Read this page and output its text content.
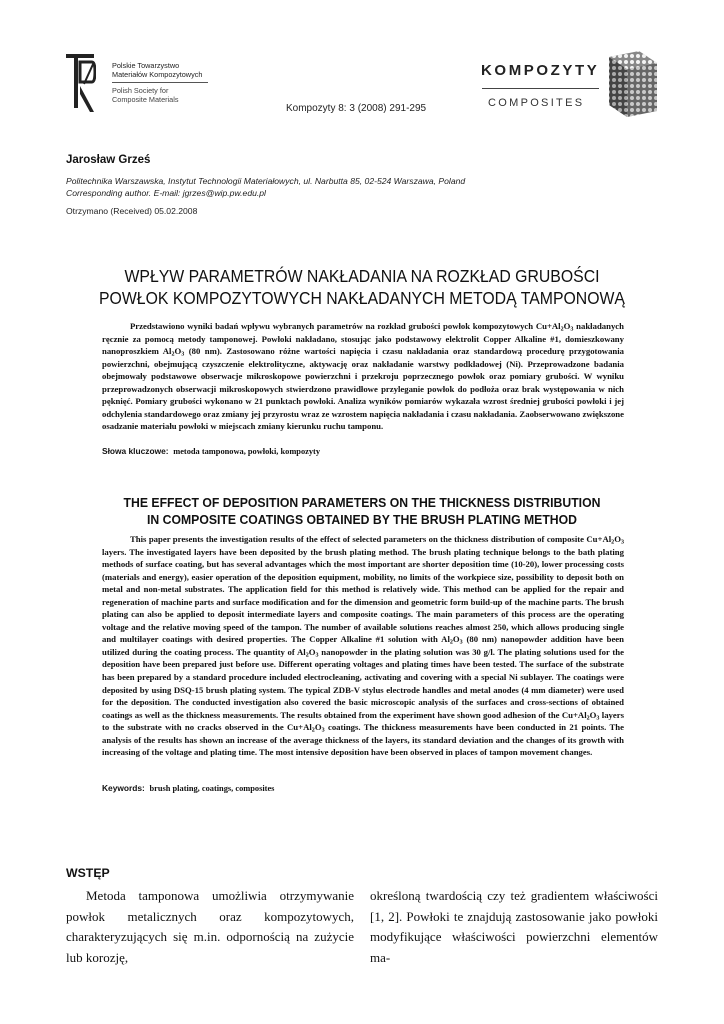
Polskie Towarzystwo
Materiałów Kompozytowych
Polish Society for
Composite Materials
Kompozyty 8: 3 (2008) 291-295
KOMPOZYTY
COMPOSITES
Jarosław Grześ
Politechnika Warszawska, Instytut Technologii Materiałowych, ul. Narbutta 85, 02-524 Warszawa, Poland
Corresponding author. E-mail: jgrzes@wip.pw.edu.pl
Otrzymano (Received) 05.02.2008
WPŁYW PARAMETRÓW NAKŁADANIA NA ROZKŁAD GRUBOŚCI
POWŁOK KOMPOZYTOWYCH NAKŁADANYCH METODĄ TAMPONOWĄ
Przedstawiono wyniki badań wpływu wybranych parametrów na rozkład grubości powłok kompozytowych $Cu+Al_2O_3$ nakładanych ręcznie za pomocą metody tamponowej. Powłoki nakładano, stosując jako podstawowy elektrolit Copper Alkaline #1, domieszkowany nanoproszkiem $Al_2O_3$ (80 nm). Zastosowano różne wartości napięcia i czasu nakładania oraz standardową procedurę przygotowania powierzchni, obejmującą czyszczenie elektrolityczne, aktywację oraz nakładanie warstwy podkładowej (Ni). Przeprowadzone badania obejmowały podstawowe obserwacje mikroskopowe powierzchni i przekroju poprzecznego powłok oraz pomiary grubości. W wyniku przeprowadzonych obserwacji mikroskopowych stwierdzono prawidłowe przyleganie powłok do podłoża oraz brak występowania w nich pęknięć. Pomiary grubości wykonano w 21 punktach powłoki. Analiza wyników pomiarów wykazała wzrost średniej grubości powłoki i jej odchylenia standardowego oraz zmiany jej przyrostu wraz ze wzrostem napięcia nakładania i czasu nakładania. Zaobserwowano zwiększone osadzanie materiału powłoki w miejscach zmiany kierunku ruchu tamponu.
Słowa kluczowe: metoda tamponowa, powłoki, kompozyty
THE EFFECT OF DEPOSITION PARAMETERS ON THE THICKNESS DISTRIBUTION
IN COMPOSITE COATINGS OBTAINED BY THE BRUSH PLATING METHOD
This paper presents the investigation results of the effect of selected parameters on the thickness distribution of composite $Cu+Al_2O_3$ layers. The investigated layers have been deposited by the brush plating method. The brush plating technique belongs to the bath plating methods of surface coating, but has several advantages which the most important are shorter deposition time (10-20), lower processing costs (materials and energy), easier operation of the deposition equipment, mobility, no limits of the workpiece size, possibility to deposit both on metal and non-metal substrates. The application field for this method is relatively wide. This method can be applied for the repair and regeneration of machine parts and surface modification and for the dimension and geometric form build-up of the machine parts. The brush plating can also be applied to deposit intermediate layers and composite coatings. The main parameters of this process are the operating voltage and the relative moving speed of the tampon. The number of available solutions reaches almost 250, which allows producing single and multilayer coatings with desired properties. The Copper Alkaline #1 solution with $Al_2O_3$ (80 nm) nanopowder addition have been utilized during the coating process. The quantity of $Al_2O_3$ nanopowder in the plating solution was 30 g/l. The plating solutions used for the deposition have been prepared just before use. Different operating voltages and plating times have been tested. The surface of the substrate has been prepared by a standard procedure included electrocleaning, activating and covering with a special Ni sublayer. The coatings were deposited by using DSQ-15 brush plating system. The typical ZDB-V stylus electrode handles and metal anodes (4 mm diameter) were used for the deposition. The conducted investigation also covered the basic microscopic analysis of the surfaces and cross-sections of obtained coatings as well as the thickness measurements. The results obtained from the experiment have shown good adhesion of the $Cu+Al_2O_3$ layers to the substrate with no cracks observed in the $Cu+Al_2O_3$ coatings. The thickness measurements have been conducted in 21 points. The analysis of the results has shown an increase of the average thickness of the layers, its standard deviation and the changes of its growth with increasing of the voltage and plating time. The most intensive deposition have been observed in places of tampon movement changes.
Keywords: brush plating, coatings, composites
WSTĘP
Metoda tamponowa umożliwia otrzymywanie powłok metalicznych oraz kompozytowych, charakteryzujących się m.in. odpornością na zużycie lub korozję,
określoną twardością czy też gradientem właściwości [1, 2]. Powłoki te znajdują zastosowanie jako powłoki modyfikujące właściwości powierzchni elementów ma-
